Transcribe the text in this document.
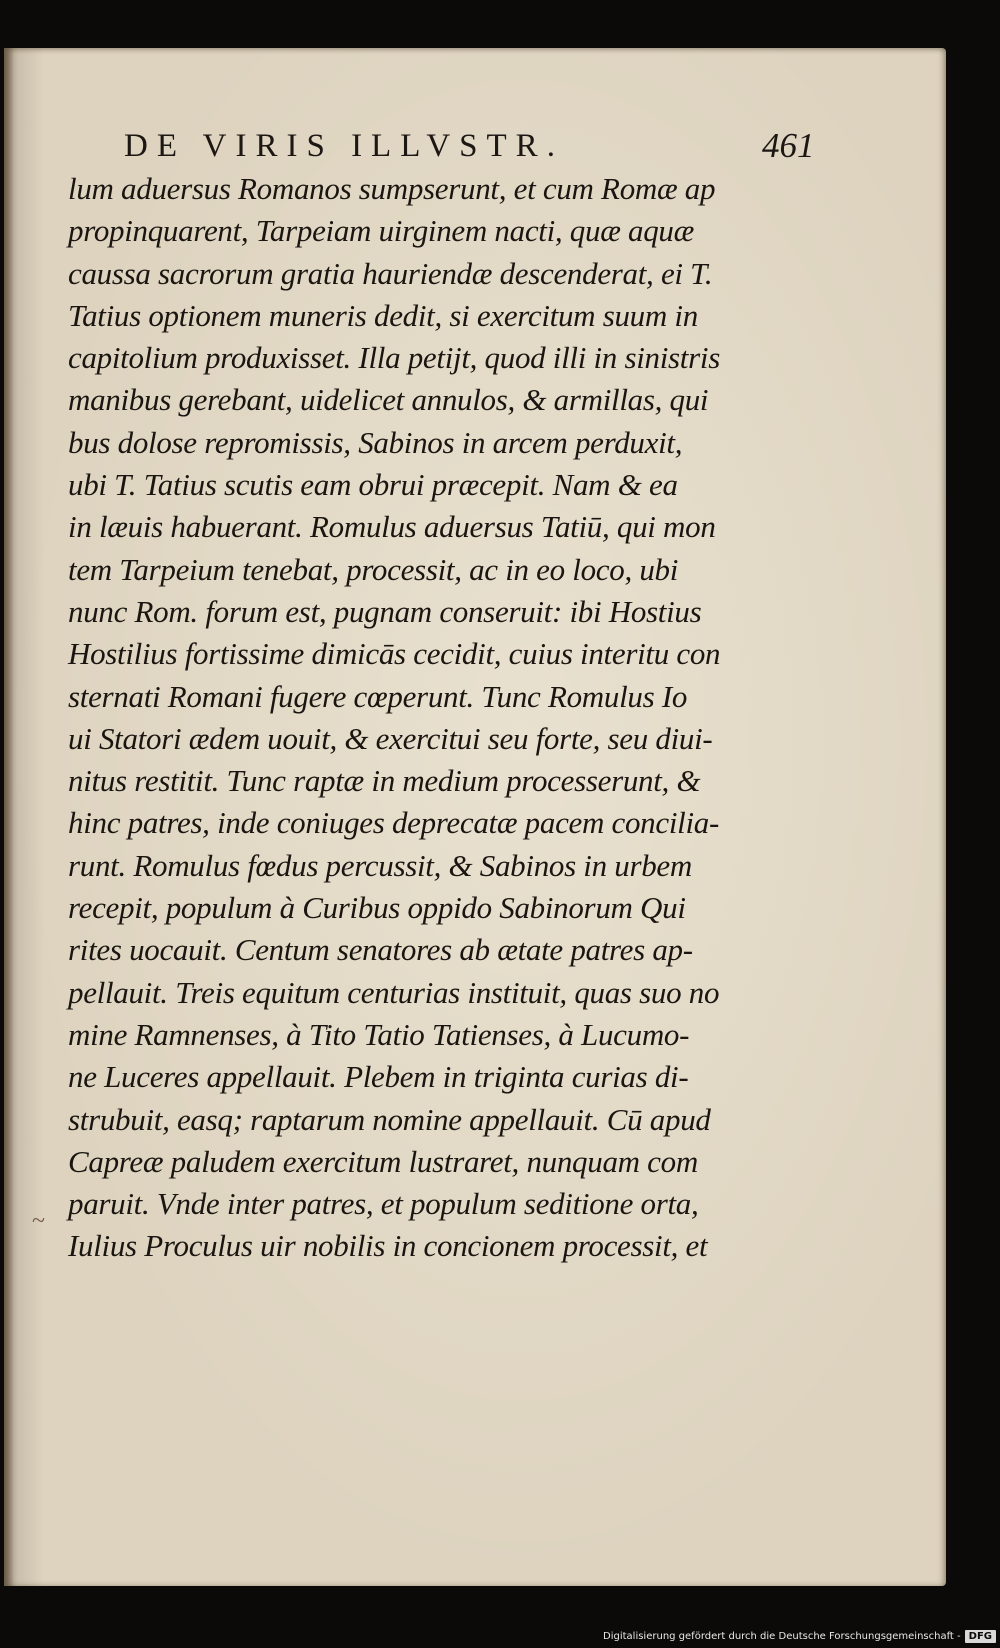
DE VIRIS ILLVSTR.	461
~
lum aduersus Romanos sumpserunt, et cum Romæ ap
propinquarent, Tarpeiam uirginem nacti, quæ aquæ
caussa sacrorum gratia hauriendæ descenderat, ei T.
Tatius optionem muneris dedit, si exercitum suum in
capitolium produxisset. Illa petijt, quod illi in sinistris
manibus gerebant, uidelicet annulos, & armillas, qui
bus dolose repromissis, Sabinos in arcem perduxit,
ubi T. Tatius scutis eam obrui præcepit. Nam & ea
in læuis habuerant. Romulus aduersus Tatiū, qui mon
tem Tarpeium tenebat, processit, ac in eo loco, ubi
nunc Rom. forum est, pugnam conseruit: ibi Hostius
Hostilius fortissime dimicās cecidit, cuius interitu con
sternati Romani fugere cœperunt. Tunc Romulus Io
ui Statori ædem uouit, & exercitui seu forte, seu diui-
nitus restitit. Tunc raptæ in medium processerunt, &
hinc patres, inde coniuges deprecatæ pacem concilia-
runt. Romulus fœdus percussit, & Sabinos in urbem
recepit, populum à Curibus oppido Sabinorum Qui
rites uocauit. Centum senatores ab ætate patres ap-
pellauit. Treis equitum centurias instituit, quas suo no
mine Ramnenses, à Tito Tatio Tatienses, à Lucumo-
ne Luceres appellauit. Plebem in triginta curias di-
strubuit, easq; raptarum nomine appellauit. Cū apud
Capreæ paludem exercitum lustraret, nunquam com
paruit. Vnde inter patres, et populum seditione orta,
Iulius Proculus uir nobilis in concionem processit, et
Digitalisierung gefördert durch die Deutsche Forschungsgemeinschaft - DFG
